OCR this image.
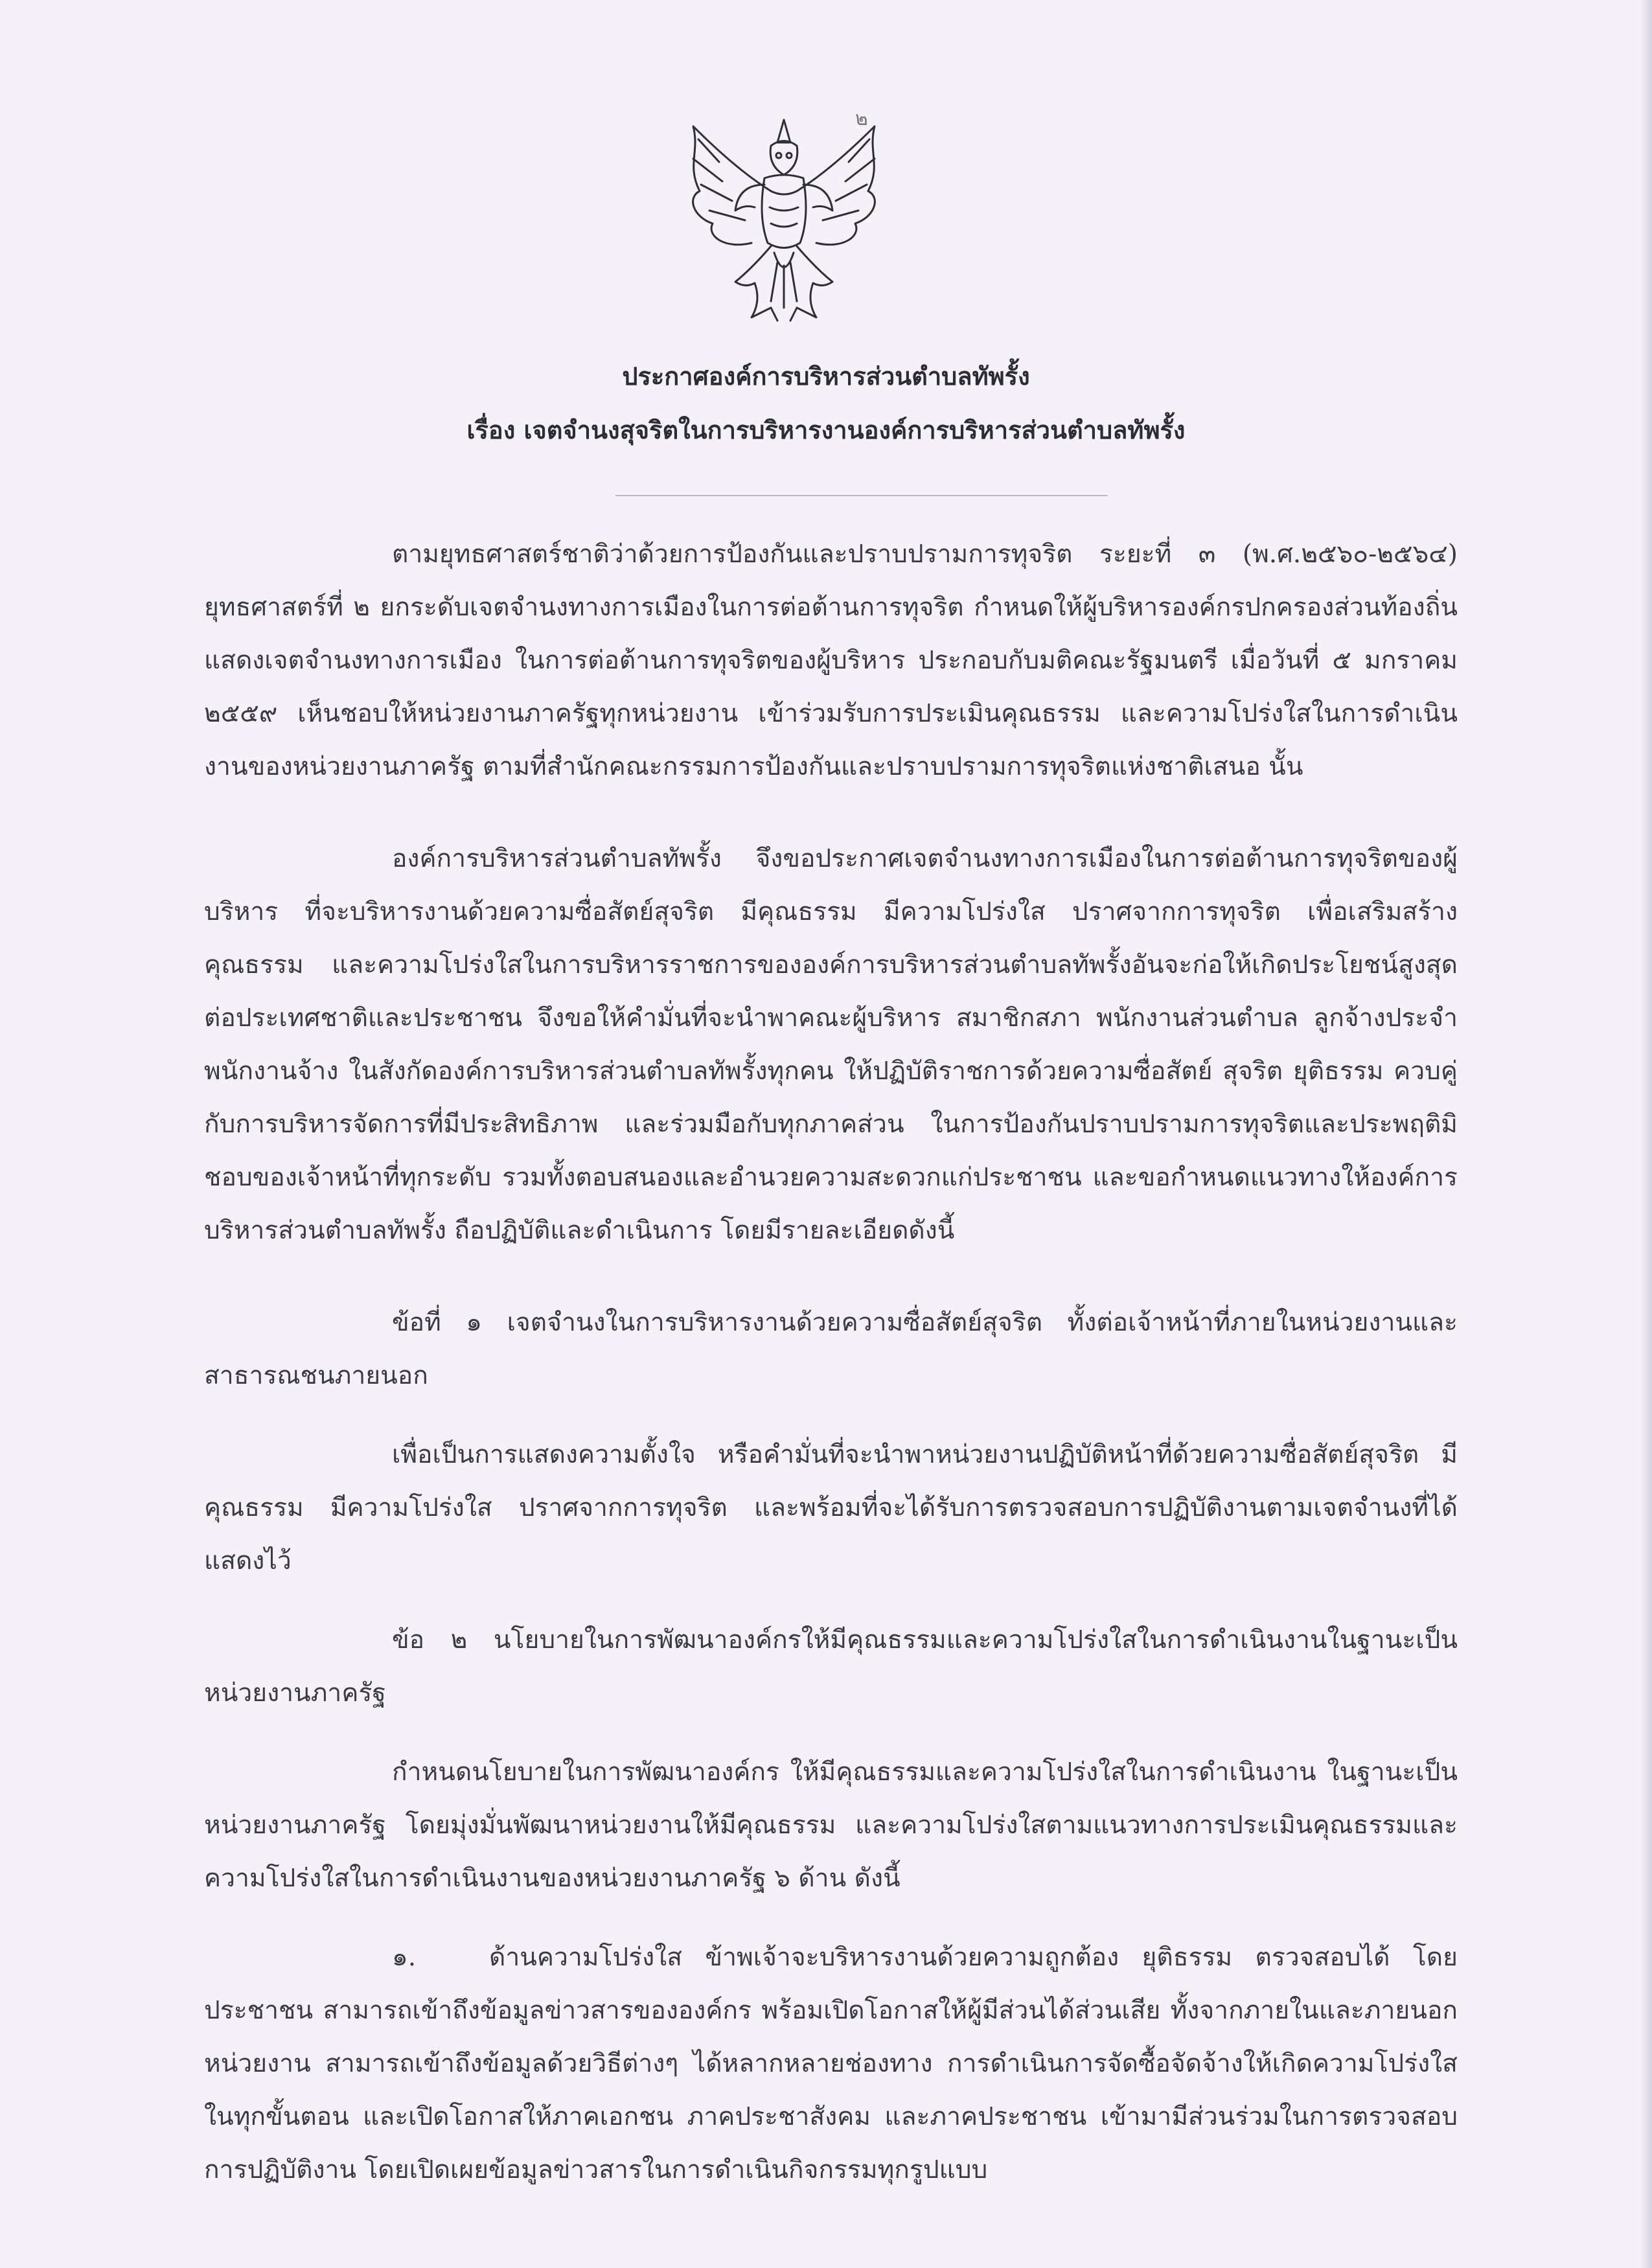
๒
ประกาศองค์การบริหารส่วนตำบลทัพรั้ง
เรื่อง เจตจำนงสุจริตในการบริหารงานองค์การบริหารส่วนตำบลทัพรั้ง

ตามยุทธศาสตร์ชาติว่าด้วยการป้องกันและปราบปรามการทุจริต ระยะที่ ๓ (พ.ศ.๒๕๖๐-๒๕๖๔) ยุทธศาสตร์ที่ ๒ ยกระดับเจตจำนงทางการเมืองในการต่อต้านการทุจริต กำหนดให้ผู้บริหารองค์กรปกครองส่วนท้องถิ่น แสดงเจตจำนงทางการเมือง ในการต่อต้านการทุจริตของผู้บริหาร ประกอบกับมติคณะรัฐมนตรี เมื่อวันที่ ๕ มกราคม ๒๕๕๙ เห็นชอบให้หน่วยงานภาครัฐทุกหน่วยงาน เข้าร่วมรับการประเมินคุณธรรม และความโปร่งใสในการดำเนินงานของหน่วยงานภาครัฐ ตามที่สำนักคณะกรรมการป้องกันและปราบปรามการทุจริตแห่งชาติเสนอ นั้น

องค์การบริหารส่วนตำบลทัพรั้ง จึงขอประกาศเจตจำนงทางการเมืองในการต่อต้านการทุจริตของผู้บริหาร ที่จะบริหารงานด้วยความซื่อสัตย์สุจริต มีคุณธรรม มีความโปร่งใส ปราศจากการทุจริต เพื่อเสริมสร้างคุณธรรม และความโปร่งใสในการบริหารราชการขององค์การบริหารส่วนตำบลทัพรั้งอันจะก่อให้เกิดประโยชน์สูงสุดต่อประเทศชาติและประชาชน จึงขอให้คำมั่นที่จะนำพาคณะผู้บริหาร สมาชิกสภา พนักงานส่วนตำบล ลูกจ้างประจำ พนักงานจ้าง ในสังกัดองค์การบริหารส่วนตำบลทัพรั้งทุกคน ให้ปฏิบัติราชการด้วยความซื่อสัตย์ สุจริต ยุติธรรม ควบคู่กับการบริหารจัดการที่มีประสิทธิภาพ และร่วมมือกับทุกภาคส่วน ในการป้องกันปราบปรามการทุจริตและประพฤติมิชอบของเจ้าหน้าที่ทุกระดับ รวมทั้งตอบสนองและอำนวยความสะดวกแก่ประชาชน และขอกำหนดแนวทางให้องค์การบริหารส่วนตำบลทัพรั้ง ถือปฏิบัติและดำเนินการ โดยมีรายละเอียดดังนี้

ข้อที่ ๑ เจตจำนงในการบริหารงานด้วยความซื่อสัตย์สุจริต ทั้งต่อเจ้าหน้าที่ภายในหน่วยงานและสาธารณชนภายนอก

เพื่อเป็นการแสดงความตั้งใจ หรือคำมั่นที่จะนำพาหน่วยงานปฏิบัติหน้าที่ด้วยความซื่อสัตย์สุจริต มีคุณธรรม มีความโปร่งใส ปราศจากการทุจริต และพร้อมที่จะได้รับการตรวจสอบการปฏิบัติงานตามเจตจำนงที่ได้แสดงไว้

ข้อ ๒ นโยบายในการพัฒนาองค์กรให้มีคุณธรรมและความโปร่งใสในการดำเนินงานในฐานะเป็นหน่วยงานภาครัฐ

กำหนดนโยบายในการพัฒนาองค์กร ให้มีคุณธรรมและความโปร่งใสในการดำเนินงาน ในฐานะเป็นหน่วยงานภาครัฐ โดยมุ่งมั่นพัฒนาหน่วยงานให้มีคุณธรรม และความโปร่งใสตามแนวทางการประเมินคุณธรรมและความโปร่งใสในการดำเนินงานของหน่วยงานภาครัฐ ๖ ด้าน ดังนี้

๑.	ด้านความโปร่งใส ข้าพเจ้าจะบริหารงานด้วยความถูกต้อง ยุติธรรม ตรวจสอบได้ โดยประชาชน สามารถเข้าถึงข้อมูลข่าวสารขององค์กร พร้อมเปิดโอกาสให้ผู้มีส่วนได้ส่วนเสีย ทั้งจากภายในและภายนอกหน่วยงาน สามารถเข้าถึงข้อมูลด้วยวิธีต่างๆ ได้หลากหลายช่องทาง การดำเนินการจัดซื้อจัดจ้างให้เกิดความโปร่งใสในทุกขั้นตอน และเปิดโอกาสให้ภาคเอกชน ภาคประชาสังคม และภาคประชาชน เข้ามามีส่วนร่วมในการตรวจสอบการปฏิบัติงาน โดยเปิดเผยข้อมูลข่าวสารในการดำเนินกิจกรรมทุกรูปแบบ
